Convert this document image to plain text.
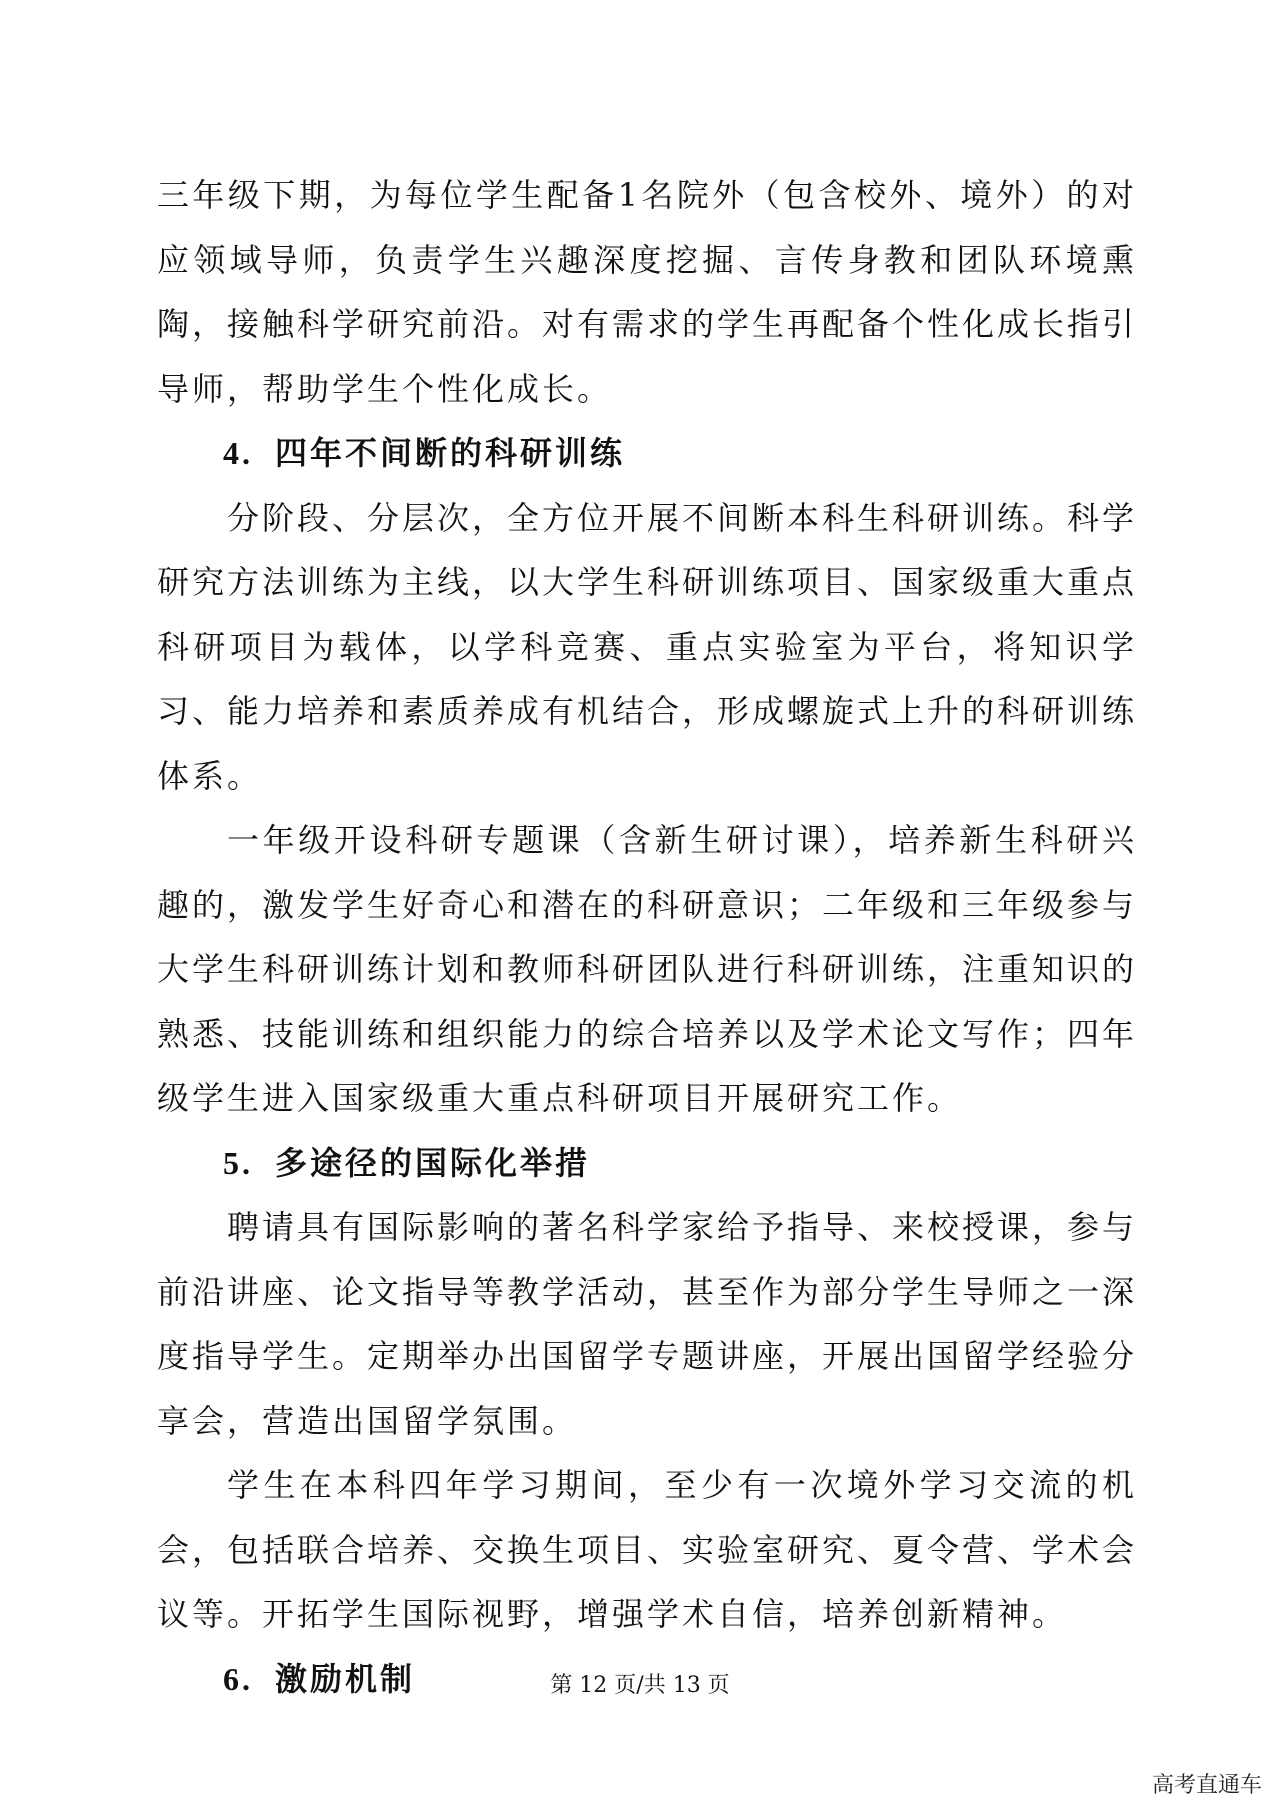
三年级下期，为每位学生配备1名院外（包含校外、境外）的对应领域导师，负责学生兴趣深度挖掘、言传身教和团队环境熏陶，接触科学研究前沿。对有需求的学生再配备个性化成长指引导师，帮助学生个性化成长。

4. 四年不间断的科研训练

分阶段、分层次，全方位开展不间断本科生科研训练。科学研究方法训练为主线，以大学生科研训练项目、国家级重大重点科研项目为载体，以学科竞赛、重点实验室为平台，将知识学习、能力培养和素质养成有机结合，形成螺旋式上升的科研训练体系。

一年级开设科研专题课（含新生研讨课），培养新生科研兴趣的，激发学生好奇心和潜在的科研意识；二年级和三年级参与大学生科研训练计划和教师科研团队进行科研训练，注重知识的熟悉、技能训练和组织能力的综合培养以及学术论文写作；四年级学生进入国家级重大重点科研项目开展研究工作。

5. 多途径的国际化举措

聘请具有国际影响的著名科学家给予指导、来校授课，参与前沿讲座、论文指导等教学活动，甚至作为部分学生导师之一深度指导学生。定期举办出国留学专题讲座，开展出国留学经验分享会，营造出国留学氛围。

学生在本科四年学习期间，至少有一次境外学习交流的机会，包括联合培养、交换生项目、实验室研究、夏令营、学术会议等。开拓学生国际视野，增强学术自信，培养创新精神。

6. 激励机制	第 12 页/共 13 页

高考直通车
